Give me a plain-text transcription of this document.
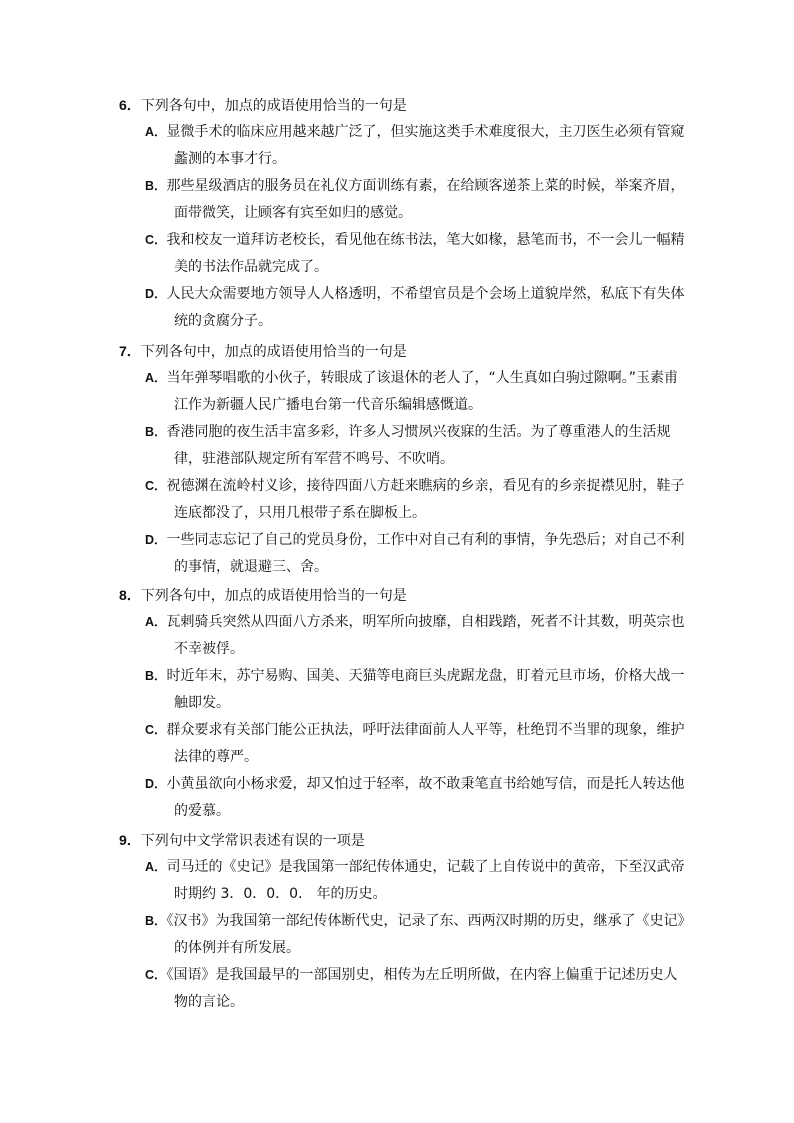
6．下列各句中，加点的成语使用恰当的一句是
A．显微手术的临床应用越来越广泛了，但实施这类手术难度很大，主刀医生必须有管窥蠡测的本事才行。
B．那些星级酒店的服务员在礼仪方面训练有素，在给顾客递茶上菜的时候，举案齐眉，面带微笑，让顾客有宾至如归的感觉。
C．我和校友一道拜访老校长，看见他在练书法，笔大如椽，悬笔而书，不一会儿一幅精美的书法作品就完成了。
D．人民大众需要地方领导人人格透明，不希望官员是个会场上道貌岸然，私底下有失体统的贪腐分子。
7．下列各句中，加点的成语使用恰当的一句是
A．当年弹琴唱歌的小伙子，转眼成了该退休的老人了，“人生真如白驹过隙啊。”玉素甫江作为新疆人民广播电台第一代音乐编辑感慨道。
B．香港同胞的夜生活丰富多彩，许多人习惯夙兴夜寐的生活。为了尊重港人的生活规律，驻港部队规定所有军营不鸣号、不吹哨。
C．祝德渊在流岭村义诊，接待四面八方赶来瞧病的乡亲，看见有的乡亲捉襟见肘，鞋子连底都没了，只用几根带子系在脚板上。
D．一些同志忘记了自己的党员身份，工作中对自己有利的事情，争先恐后；对自己不利的事情，就退避三、舍。
8．下列各句中，加点的成语使用恰当的一句是
A．瓦剌骑兵突然从四面八方杀来，明军所向披靡，自相践踏，死者不计其数，明英宗也不幸被俘。
B．时近年末，苏宁易购、国美、天猫等电商巨头虎踞龙盘，盯着元旦市场，价格大战一触即发。
C．群众要求有关部门能公正执法，呼吁法律面前人人平等，杜绝罚不当罪的现象，维护法律的尊严。
D．小黄虽欲向小杨求爱，却又怕过于轻率，故不敢秉笔直书给她写信，而是托人转达他的爱慕。
9．下列句中文学常识表述有误的一项是
A．司马迁的《史记》是我国第一部纪传体通史，记载了上自传说中的黄帝，下至汉武帝时期约 3．0．0．0． 年的历史。
B．《汉书》为我国第一部纪传体断代史，记录了东、西两汉时期的历史，继承了《史记》的体例并有所发展。
C．《国语》是我国最早的一部国别史，相传为左丘明所做，在内容上偏重于记述历史人物的言论。
